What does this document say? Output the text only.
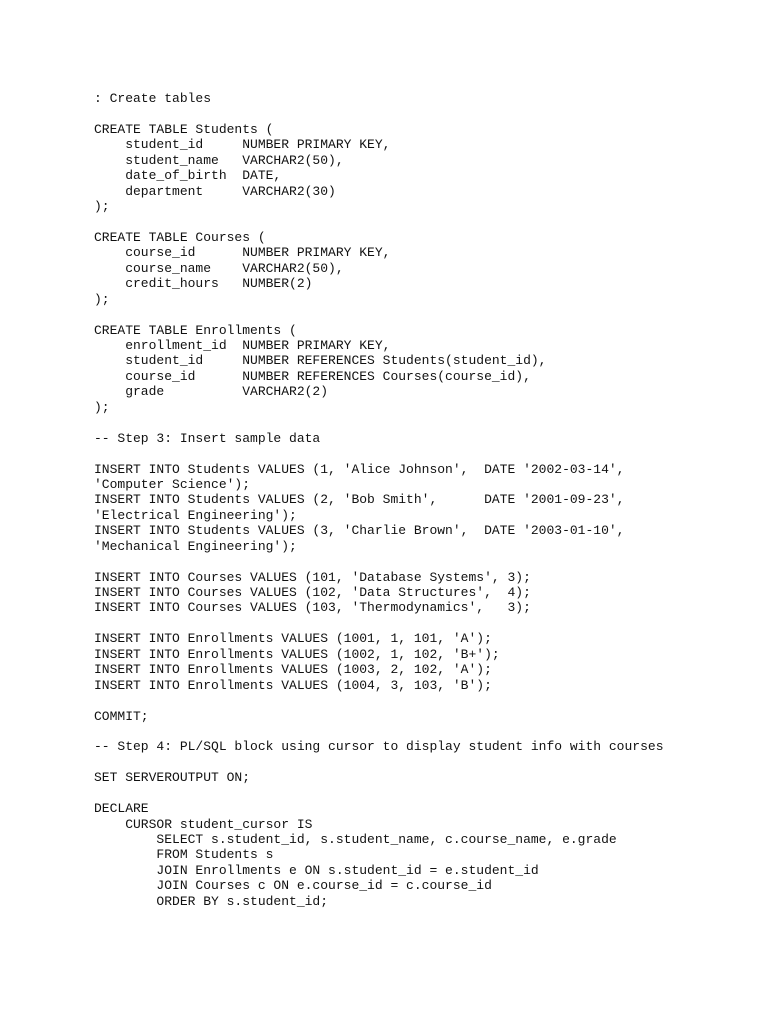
: Create tables
CREATE TABLE Students (
student_id     NUMBER PRIMARY KEY,
student_name   VARCHAR2(50),
date_of_birth  DATE,
department     VARCHAR2(30)
);
CREATE TABLE Courses (
course_id      NUMBER PRIMARY KEY,
course_name    VARCHAR2(50),
credit_hours   NUMBER(2)
);
CREATE TABLE Enrollments (
enrollment_id  NUMBER PRIMARY KEY,
student_id     NUMBER REFERENCES Students(student_id),
course_id      NUMBER REFERENCES Courses(course_id),
grade          VARCHAR2(2)
);
-- Step 3: Insert sample data
INSERT INTO Students VALUES (1, 'Alice Johnson',  DATE '2002-03-14',
'Computer Science');
INSERT INTO Students VALUES (2, 'Bob Smith',      DATE '2001-09-23',
'Electrical Engineering');
INSERT INTO Students VALUES (3, 'Charlie Brown',  DATE '2003-01-10',
'Mechanical Engineering');
INSERT INTO Courses VALUES (101, 'Database Systems', 3);
INSERT INTO Courses VALUES (102, 'Data Structures',  4);
INSERT INTO Courses VALUES (103, 'Thermodynamics',   3);
INSERT INTO Enrollments VALUES (1001, 1, 101, 'A');
INSERT INTO Enrollments VALUES (1002, 1, 102, 'B+');
INSERT INTO Enrollments VALUES (1003, 2, 102, 'A');
INSERT INTO Enrollments VALUES (1004, 3, 103, 'B');
COMMIT;
-- Step 4: PL/SQL block using cursor to display student info with courses
SET SERVEROUTPUT ON;
DECLARE
CURSOR student_cursor IS
SELECT s.student_id, s.student_name, c.course_name, e.grade
FROM Students s
JOIN Enrollments e ON s.student_id = e.student_id
JOIN Courses c ON e.course_id = c.course_id
ORDER BY s.student_id;
